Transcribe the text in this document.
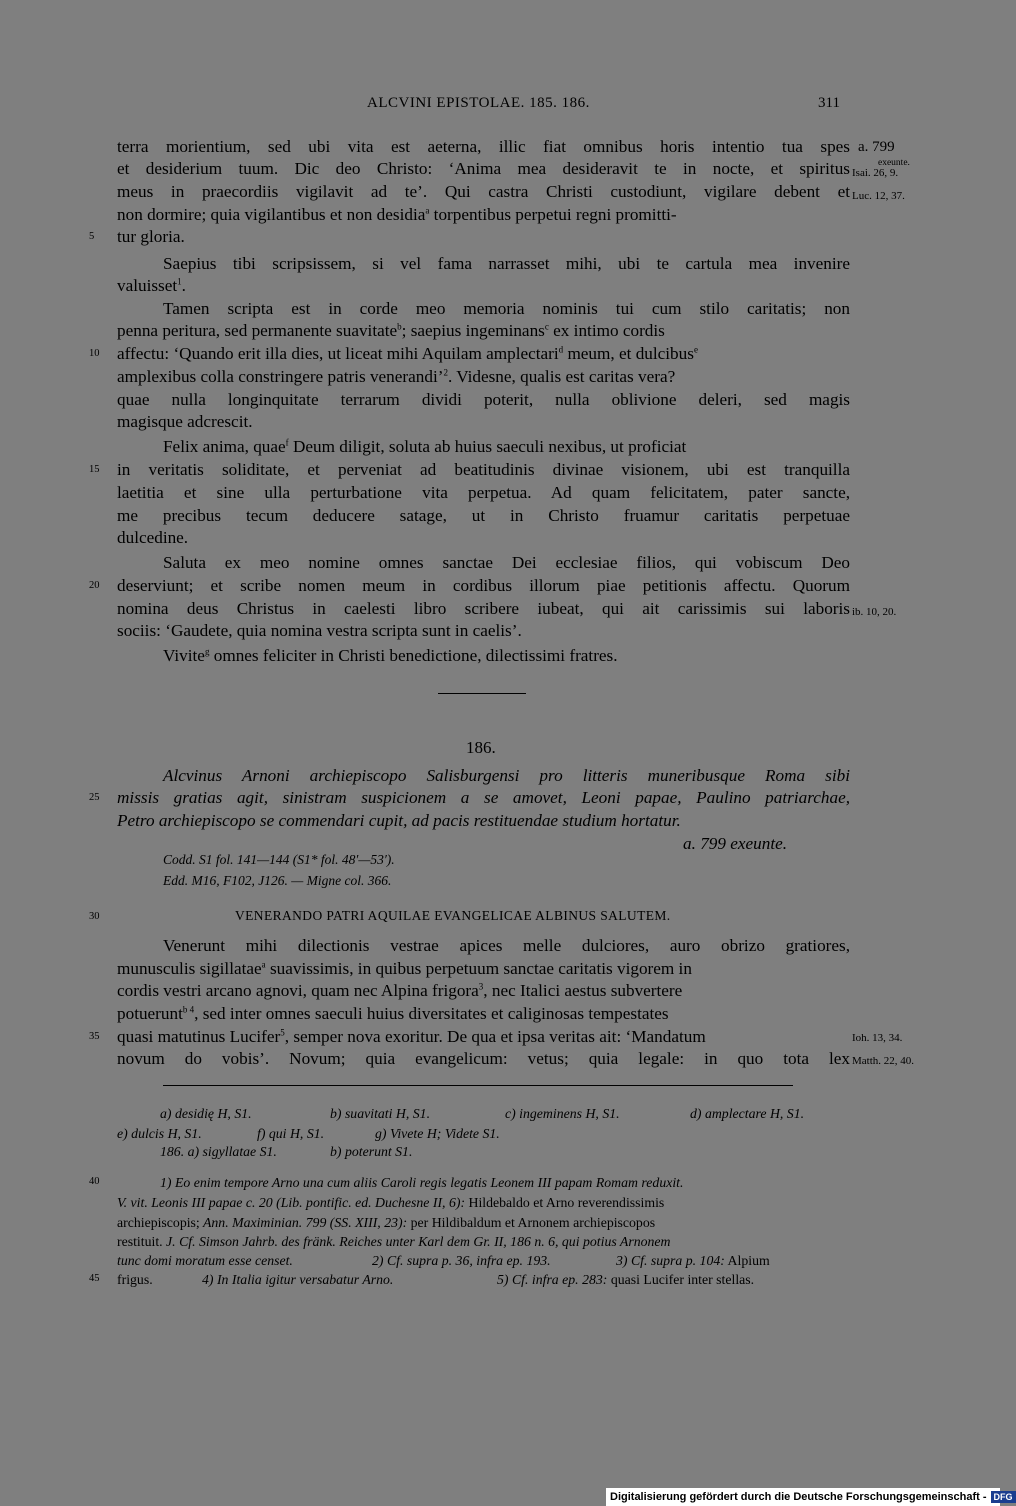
ALCVINI EPISTOLAE. 185. 186.	311
terra morientium, sed ubi vita est aeterna, illic fiat omnibus horis intentio tua spes
et desiderium tuum. Dic deo Christo: ‘Anima mea desideravit te in nocte, et spiritus
meus in praecordiis vigilavit ad te’. Qui castra Christi custodiunt, vigilare debent et
non dormire; quia vigilantibus et non desidia$^a$ torpentibus perpetui regni promitti-
tur gloria.
Saepius tibi scripsissem, si vel fama narrasset mihi, ubi te cartula mea invenire
valuisset$^1$.
Tamen scripta est in corde meo memoria nominis tui cum stilo caritatis; non
penna peritura, sed permanente suavitate$^b$; saepius ingeminans$^c$ ex intimo cordis
affectu: ‘Quando erit illa dies, ut liceat mihi Aquilam amplectari$^d$ meum, et dulcibus$^e$
amplexibus colla constringere patris venerandi’$^2$. Videsne, qualis est caritas vera?
quae nulla longinquitate terrarum dividi poterit, nulla oblivione deleri, sed magis
magisque adcrescit.
Felix anima, quae$^f$ Deum diligit, soluta ab huius saeculi nexibus, ut proficiat
in veritatis soliditate, et perveniat ad beatitudinis divinae visionem, ubi est tranquilla
laetitia et sine ulla perturbatione vita perpetua. Ad quam felicitatem, pater sancte,
me precibus tecum deducere satage, ut in Christo fruamur caritatis perpetuae
dulcedine.
Saluta ex meo nomine omnes sanctae Dei ecclesiae filios, qui vobiscum Deo
deserviunt; et scribe nomen meum in cordibus illorum piae petitionis affectu. Quorum
nomina deus Christus in caelesti libro scribere iubeat, qui ait carissimis sui laboris
sociis: ‘Gaudete, quia nomina vestra scripta sunt in caelis’.
Vivite$^g$ omnes feliciter in Christi benedictione, dilectissimi fratres.
a. 799
exeunte.
Isai. 26, 9.
Luc. 12, 37.
ib. 10, 20.
Ioh. 13, 34.
Matth. 22, 40.
5
10
15
20
25
30
35
40
45
186.
Alcvinus Arnoni archiepiscopo Salisburgensi pro litteris muneribusque Roma sibi
missis gratias agit, sinistram suspicionem a se amovet, Leoni papae, Paulino patriarchae,
Petro archiepiscopo se commendari cupit, ad pacis restituendae studium hortatur.
a. 799 exeunte.
Codd. S1 fol. 141—144 (S1* fol. 48′—53′).
Edd. M16, F102, J126. — Migne col. 366.
VENERANDO PATRI AQUILAE EVANGELICAE ALBINUS SALUTEM.
Venerunt mihi dilectionis vestrae apices melle dulciores, auro obrizo gratiores,
munusculis sigillatae$^a$ suavissimis, in quibus perpetuum sanctae caritatis vigorem in
cordis vestri arcano agnovi, quam nec Alpina frigora$^3$, nec Italici aestus subvertere
potuerunt$^{b 4}$, sed inter omnes saeculi huius diversitates et caliginosas tempestates
quasi matutinus Lucifer$^5$, semper nova exoritur. De qua et ipsa veritas ait: ‘Mandatum
novum do vobis’. Novum; quia evangelicum: vetus; quia legale: in quo tota lex
a) desidię H, S1.	b) suavitati H, S1.	c) ingeminens H, S1.	d) amplectare H, S1.
e) dulcis H, S1.	f) qui H, S1.	g) Vivete H; Videte S1.
186. a) sigyllatae S1.	b) poterunt S1.
1) Eo enim tempore Arno una cum aliis Caroli regis legatis Leonem III papam Romam reduxit.
V. vit. Leonis III papae c. 20 (Lib. pontific. ed. Duchesne II, 6): Hildebaldo et Arno reverendissimis
archiepiscopis; Ann. Maximinian. 799 (SS. XIII, 23): per Hildibaldum et Arnonem archiepiscopos
restituit. J. Cf. Simson Jahrb. des fränk. Reiches unter Karl dem Gr. II, 186 n. 6, qui potius Arnonem
tunc domi moratum esse censet.	2) Cf. supra p. 36, infra ep. 193.	3) Cf. supra p. 104: Alpium
frigus.	4) In Italia igitur versabatur Arno.	5) Cf. infra ep. 283: quasi Lucifer inter stellas.
Digitalisierung gefördert durch die Deutsche Forschungsgemeinschaft - DFG
